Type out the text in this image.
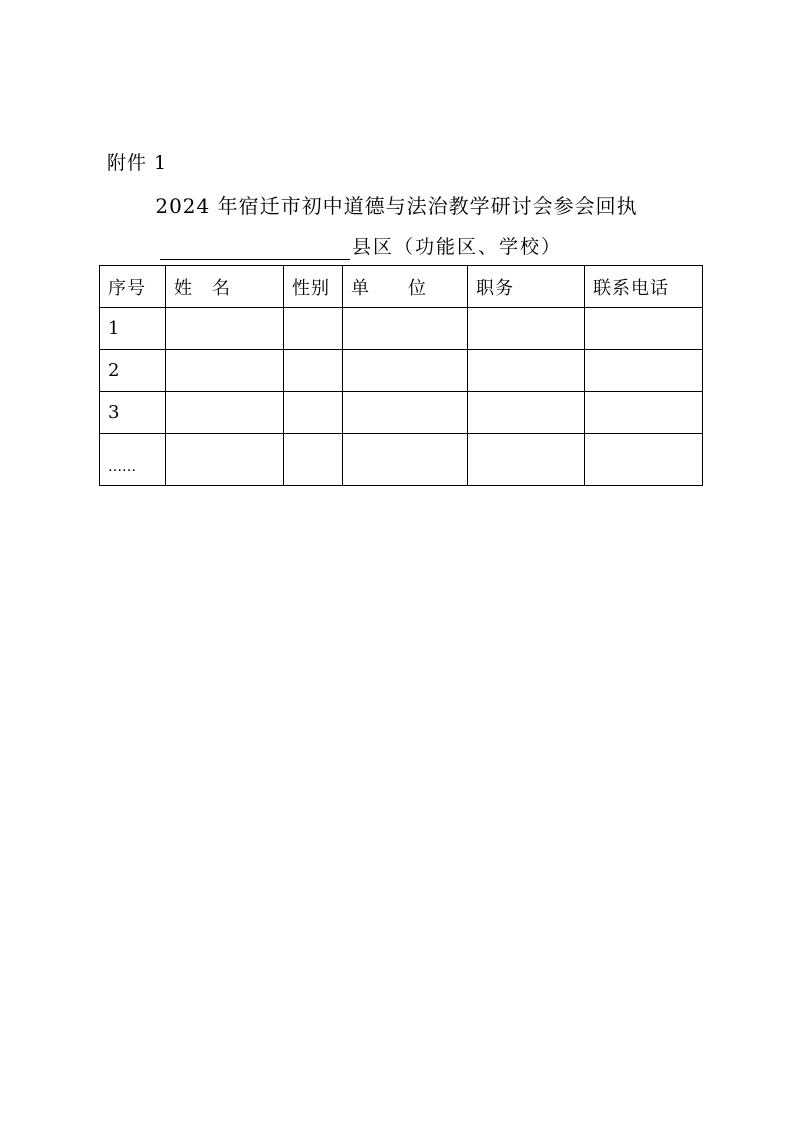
附件 1
2024 年宿迁市初中道德与法治教学研讨会参会回执
县区（功能区、学校）
序号	姓　名	性别	单　　位	职务	联系电话
1					
2					
3					
……					
